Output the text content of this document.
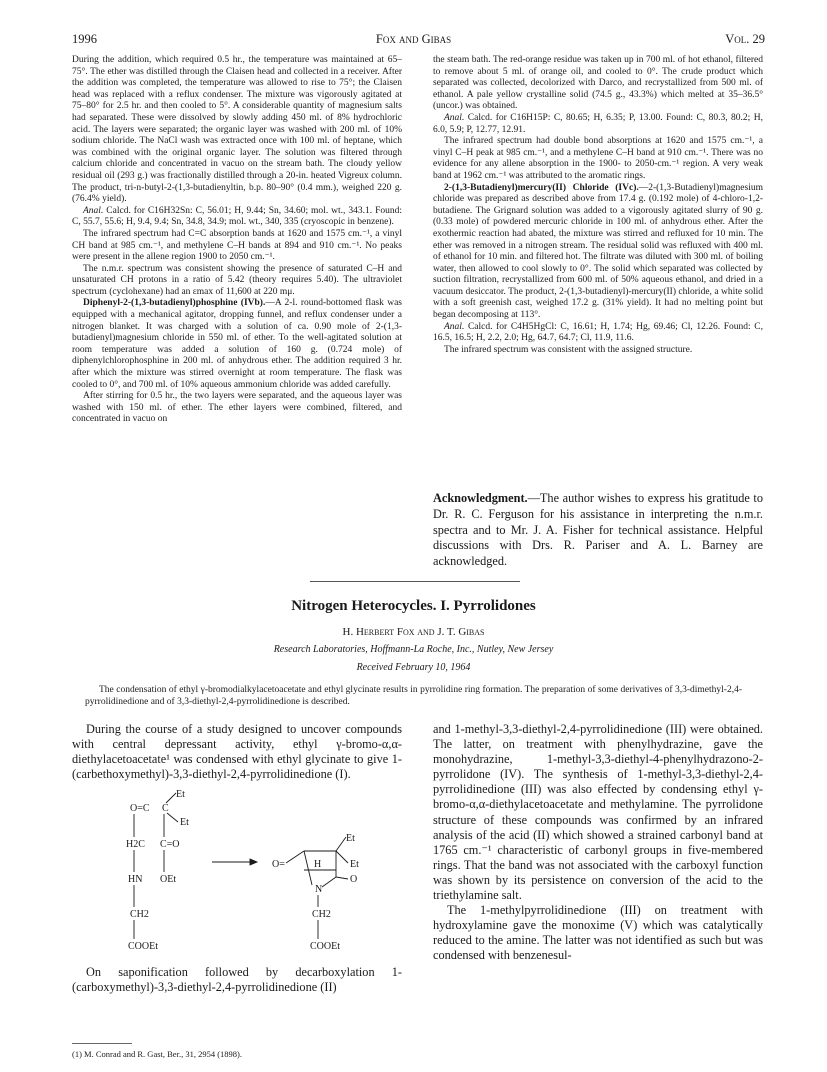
1996	Fox and Gibas	Vol. 29

During the addition, which required 0.5 hr., the temperature was maintained at 65–75°. The ether was distilled through the Claisen head and collected in a receiver. After the addition was completed, the temperature was allowed to rise to 75°; the Claisen head was replaced with a reflux condenser. The mixture was vigorously agitated at 75–80° for 2.5 hr. and then cooled to 5°. A considerable quantity of magnesium salts had separated. These were dissolved by slowly adding 450 ml. of 8% hydrochloric acid. The layers were separated; the organic layer was washed with 200 ml. of 10% sodium chloride. The NaCl wash was extracted once with 100 ml. of heptane, which was combined with the original organic layer. The solution was filtered through calcium chloride and concentrated in vacuo on the stream bath. The cloudy yellow residual oil (293 g.) was fractionally distilled through a 20-in. heated Vigreux column. The product, tri-n-butyl-2-(1,3-butadienyltin, b.p. 80–90° (0.4 mm.), weighed 220 g. (76.4% yield).

Anal. Calcd. for C16H32Sn: C, 56.01; H, 9.44; Sn, 34.60; mol. wt., 343.1. Found: C, 55.7, 55.6; H, 9.4, 9.4; Sn, 34.8, 34.9; mol. wt., 340, 335 (cryoscopic in benzene).

The infrared spectrum had C=C absorption bands at 1620 and 1575 cm.⁻¹, a vinyl CH band at 985 cm.⁻¹, and methylene C–H bands at 894 and 910 cm.⁻¹. No peaks were present in the allene region 1900 to 2050 cm.⁻¹.

The n.m.r. spectrum was consistent showing the presence of saturated C–H and unsaturated CH protons in a ratio of 5.42 (theory requires 5.40). The ultraviolet spectrum (cyclohexane) had an εmax of 11,600 at 220 mμ.

Diphenyl-2-(1,3-butadienyl)phosphine (IVb).—A 2-l. round-bottomed flask was equipped with a mechanical agitator, dropping funnel, and reflux condenser under a nitrogen blanket. It was charged with a solution of ca. 0.90 mole of 2-(1,3-butadienyl)magnesium chloride in 550 ml. of ether. To the well-agitated solution at room temperature was added a solution of 160 g. (0.724 mole) of diphenylchlorophosphine in 200 ml. of anhydrous ether. The addition required 3 hr. after which the mixture was stirred overnight at room temperature. The flask was cooled to 0°, and 700 ml. of 10% aqueous ammonium chloride was added carefully.

After stirring for 0.5 hr., the two layers were separated, and the aqueous layer was washed with 150 ml. of ether. The ether layers were combined, filtered, and concentrated in vacuo on

the steam bath. The red-orange residue was taken up in 700 ml. of hot ethanol, filtered to remove about 5 ml. of orange oil, and cooled to 0°. The crude product which separated was collected, decolorized with Darco, and recrystallized from 500 ml. of ethanol. A pale yellow crystalline solid (74.5 g., 43.3%) which melted at 35–36.5° (uncor.) was obtained.

Anal. Calcd. for C16H15P: C, 80.65; H, 6.35; P, 13.00. Found: C, 80.3, 80.2; H, 6.0, 5.9; P, 12.77, 12.91.

The infrared spectrum had double bond absorptions at 1620 and 1575 cm.⁻¹, a vinyl C–H peak at 985 cm.⁻¹, and a methylene C–H band at 910 cm.⁻¹. There was no evidence for any allene absorption in the 1900- to 2050-cm.⁻¹ region. A very weak band at 1962 cm.⁻¹ was attributed to the aromatic rings.

2-(1,3-Butadienyl)mercury(II) Chloride (IVc).—2-(1,3-Butadienyl)magnesium chloride was prepared as described above from 17.4 g. (0.192 mole) of 4-chloro-1,2-butadiene. The Grignard solution was added to a vigorously agitated slurry of 90 g. (0.33 mole) of powdered mercuric chloride in 100 ml. of anhydrous ether. After the exothermic reaction had abated, the mixture was stirred and refluxed for 10 min. The ether was removed in a nitrogen stream. The residual solid was refluxed with 400 ml. of ethanol for 10 min. and filtered hot. The filtrate was diluted with 300 ml. of boiling water, then allowed to cool slowly to 0°. The solid which separated was collected by suction filtration, recrystallized from 600 ml. of 50% aqueous ethanol, and dried in a vacuum desiccator. The product, 2-(1,3-butadienyl)-mercury(II) chloride, a white solid with a soft greenish cast, weighed 17.2 g. (31% yield). It had no melting point but began decomposing at 113°.

Anal. Calcd. for C4H5HgCl: C, 16.61; H, 1.74; Hg, 69.46; Cl, 12.26. Found: C, 16.5, 16.5; H, 2.2, 2.0; Hg, 64.7, 64.7; Cl, 11.9, 11.6.

The infrared spectrum was consistent with the assigned structure.

Acknowledgment.—The author wishes to express his gratitude to Dr. R. C. Ferguson for his assistance in interpreting the n.m.r. spectra and to Mr. J. A. Fisher for technical assistance. Helpful discussions with Drs. R. Pariser and A. L. Barney are acknowledged.
Nitrogen Heterocycles. I. Pyrrolidones
H. Herbert Fox and J. T. Gibas
Research Laboratories, Hoffmann-La Roche, Inc., Nutley, New Jersey
Received February 10, 1964
The condensation of ethyl γ-bromodialkylacetoacetate and ethyl glycinate results in pyrrolidine ring formation. The preparation of some derivatives of 3,3-dimethyl-2,4-pyrrolidinedione and of 3,3-diethyl-2,4-pyrrolidinedione is described.

During the course of a study designed to uncover compounds with central depressant activity, ethyl γ-bromo-α,α-diethylacetoacetate¹ was condensed with ethyl glycinate to give 1-(carbethoxymethyl)-3,3-diethyl-2,4-pyrrolidinedione (I).

Et
O=C C
Et
H2C C=O
HN OEt
CH2
COOEt
O=
Et
Et
H
O
N
CH2
COOEt

On saponification followed by decarboxylation 1-(carboxymethyl)-3,3-diethyl-2,4-pyrrolidinedione (II)

(1) M. Conrad and R. Gast, Ber., 31, 2954 (1898).

and 1-methyl-3,3-diethyl-2,4-pyrrolidinedione (III) were obtained. The latter, on treatment with phenylhydrazine, gave the monohydrazine, 1-methyl-3,3-diethyl-4-phenylhydrazono-2-pyrrolidone (IV). The synthesis of 1-methyl-3,3-diethyl-2,4-pyrrolidinedione (III) was also effected by condensing ethyl γ-bromo-α,α-diethylacetoacetate and methylamine. The pyrrolidone structure of these compounds was confirmed by an infrared analysis of the acid (II) which showed a strained carbonyl band at 1765 cm.⁻¹ characteristic of carbonyl groups in five-membered rings. That the band was not associated with the carboxyl function was shown by its persistence on conversion of the acid to the triethylamine salt.

The 1-methylpyrrolidinedione (III) on treatment with hydroxylamine gave the monoxime (V) which was catalytically reduced to the amine. The latter was not identified as such but was condensed with benzenesul-
